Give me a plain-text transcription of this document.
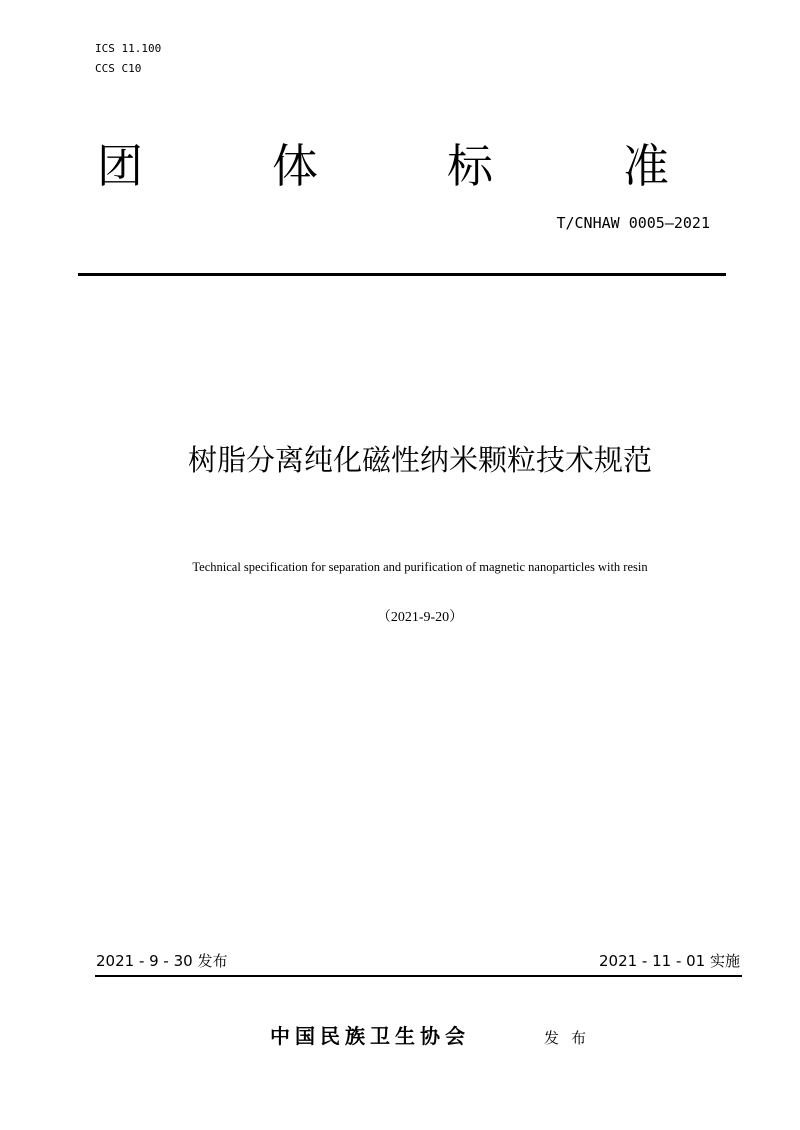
ICS 11.100
CCS C10
团	体	标	准
T/CNHAW 0005—2021
树脂分离纯化磁性纳米颗粒技术规范
Technical specification for separation and purification of magnetic nanoparticles with resin
（2021-9-20）
2021 - 9 - 30 发布	2021 - 11 - 01 实施
中国民族卫生协会	发布
